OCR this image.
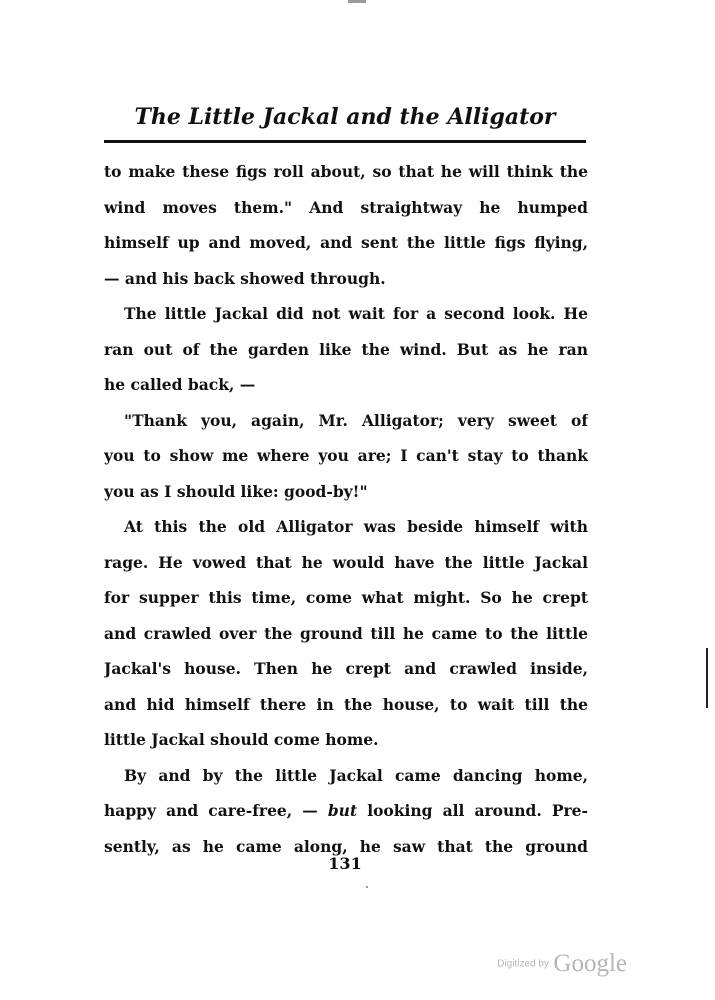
The Little Jackal and the Alligator
to make these figs roll about, so that he will think the
wind moves them." And straightway he humped
himself up and moved, and sent the little figs flying,
— and his back showed through.
The little Jackal did not wait for a second look. He
ran out of the garden like the wind. But as he ran
he called back, —
"Thank you, again, Mr. Alligator; very sweet of
you to show me where you are; I can't stay to thank
you as I should like: good-by!"
At this the old Alligator was beside himself with
rage. He vowed that he would have the little Jackal
for supper this time, come what might. So he crept
and crawled over the ground till he came to the little
Jackal's house. Then he crept and crawled inside,
and hid himself there in the house, to wait till the
little Jackal should come home.
By and by the little Jackal came dancing home,
happy and care-free, — but looking all around. Pre-
sently, as he came along, he saw that the ground
131
Digitized by Google
